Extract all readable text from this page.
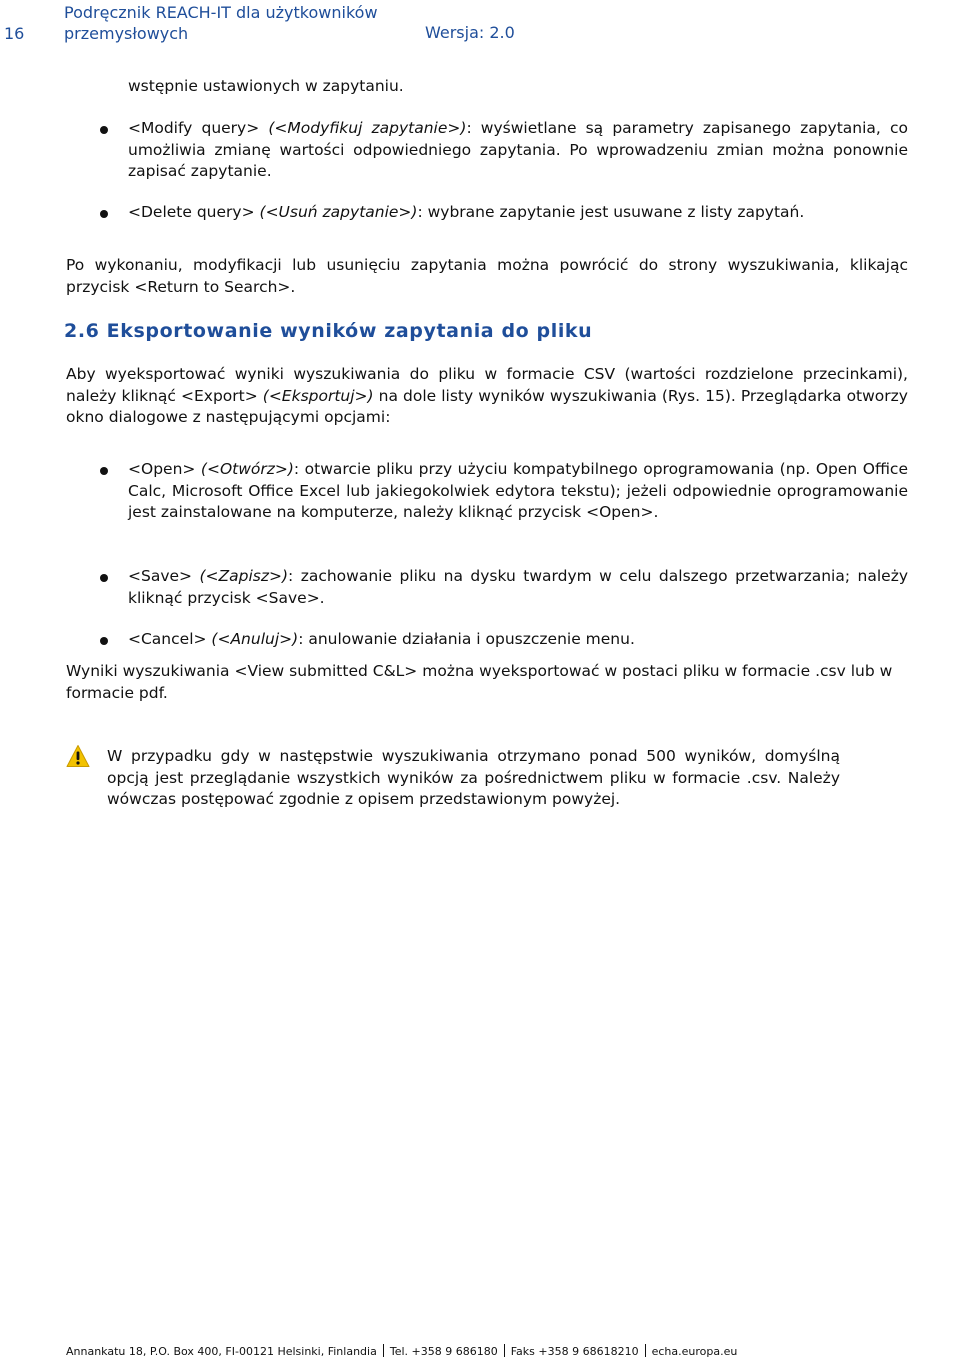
16
Podręcznik REACH-IT dla użytkowników przemysłowych	Wersja: 2.0

wstępnie ustawionych w zapytaniu.

<Modify query> (<Modyfikuj zapytanie>): wyświetlane są parametry zapisanego zapytania, co umożliwia zmianę wartości odpowiedniego zapytania. Po wprowadzeniu zmian można ponownie zapisać zapytanie.

<Delete query> (<Usuń zapytanie>): wybrane zapytanie jest usuwane z listy zapytań.

Po wykonaniu, modyfikacji lub usunięciu zapytania można powrócić do strony wyszukiwania, klikając przycisk <Return to Search>.

2.6 Eksportowanie wyników zapytania do pliku

Aby wyeksportować wyniki wyszukiwania do pliku w formacie CSV (wartości rozdzielone przecinkami), należy kliknąć <Export> (<Eksportuj>) na dole listy wyników wyszukiwania (Rys. 15). Przeglądarka otworzy okno dialogowe z następującymi opcjami:

<Open> (<Otwórz>): otwarcie pliku przy użyciu kompatybilnego oprogramowania (np. Open Office Calc, Microsoft Office Excel lub jakiegokolwiek edytora tekstu); jeżeli odpowiednie oprogramowanie jest zainstalowane na komputerze, należy kliknąć przycisk <Open>.

<Save> (<Zapisz>): zachowanie pliku na dysku twardym w celu dalszego przetwarzania; należy kliknąć przycisk <Save>.

<Cancel> (<Anuluj>): anulowanie działania i opuszczenie menu.

Wyniki wyszukiwania <View submitted C&L> można wyeksportować w postaci pliku w formacie .csv lub w formacie pdf.

W przypadku gdy w następstwie wyszukiwania otrzymano ponad 500 wyników, domyślną opcją jest przeglądanie wszystkich wyników za pośrednictwem pliku w formacie .csv. Należy wówczas postępować zgodnie z opisem przedstawionym powyżej.

Annankatu 18, P.O. Box 400, FI-00121 Helsinki, Finlandia Tel. +358 9 686180 Faks +358 9 68618210 echa.europa.eu
